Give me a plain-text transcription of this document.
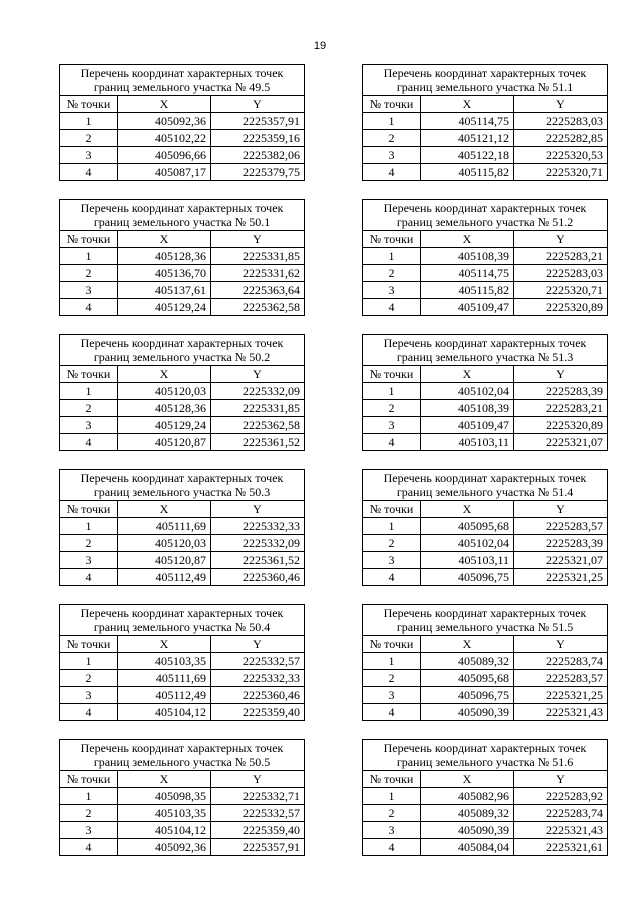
19
Перечень координат характерных точек
границ земельного участка № 49.5		
№ точки	X	Y
1	405092,36	2225357,91
2	405102,22	2225359,16
3	405096,66	2225382,06
4	405087,17	2225379,75
Перечень координат характерных точек
границ земельного участка № 51.1		
№ точки	X	Y
1	405114,75	2225283,03
2	405121,12	2225282,85
3	405122,18	2225320,53
4	405115,82	2225320,71
Перечень координат характерных точек
границ земельного участка № 50.1		
№ точки	X	Y
1	405128,36	2225331,85
2	405136,70	2225331,62
3	405137,61	2225363,64
4	405129,24	2225362,58
Перечень координат характерных точек
границ земельного участка № 51.2		
№ точки	X	Y
1	405108,39	2225283,21
2	405114,75	2225283,03
3	405115,82	2225320,71
4	405109,47	2225320,89
Перечень координат характерных точек
границ земельного участка № 50.2		
№ точки	X	Y
1	405120,03	2225332,09
2	405128,36	2225331,85
3	405129,24	2225362,58
4	405120,87	2225361,52
Перечень координат характерных точек
границ земельного участка № 51.3		
№ точки	X	Y
1	405102,04	2225283,39
2	405108,39	2225283,21
3	405109,47	2225320,89
4	405103,11	2225321,07
Перечень координат характерных точек
границ земельного участка № 50.3		
№ точки	X	Y
1	405111,69	2225332,33
2	405120,03	2225332,09
3	405120,87	2225361,52
4	405112,49	2225360,46
Перечень координат характерных точек
границ земельного участка № 51.4		
№ точки	X	Y
1	405095,68	2225283,57
2	405102,04	2225283,39
3	405103,11	2225321,07
4	405096,75	2225321,25
Перечень координат характерных точек
границ земельного участка № 50.4		
№ точки	X	Y
1	405103,35	2225332,57
2	405111,69	2225332,33
3	405112,49	2225360,46
4	405104,12	2225359,40
Перечень координат характерных точек
границ земельного участка № 51.5		
№ точки	X	Y
1	405089,32	2225283,74
2	405095,68	2225283,57
3	405096,75	2225321,25
4	405090,39	2225321,43
Перечень координат характерных точек
границ земельного участка № 50.5		
№ точки	X	Y
1	405098,35	2225332,71
2	405103,35	2225332,57
3	405104,12	2225359,40
4	405092,36	2225357,91
Перечень координат характерных точек
границ земельного участка № 51.6		
№ точки	X	Y
1	405082,96	2225283,92
2	405089,32	2225283,74
3	405090,39	2225321,43
4	405084,04	2225321,61
